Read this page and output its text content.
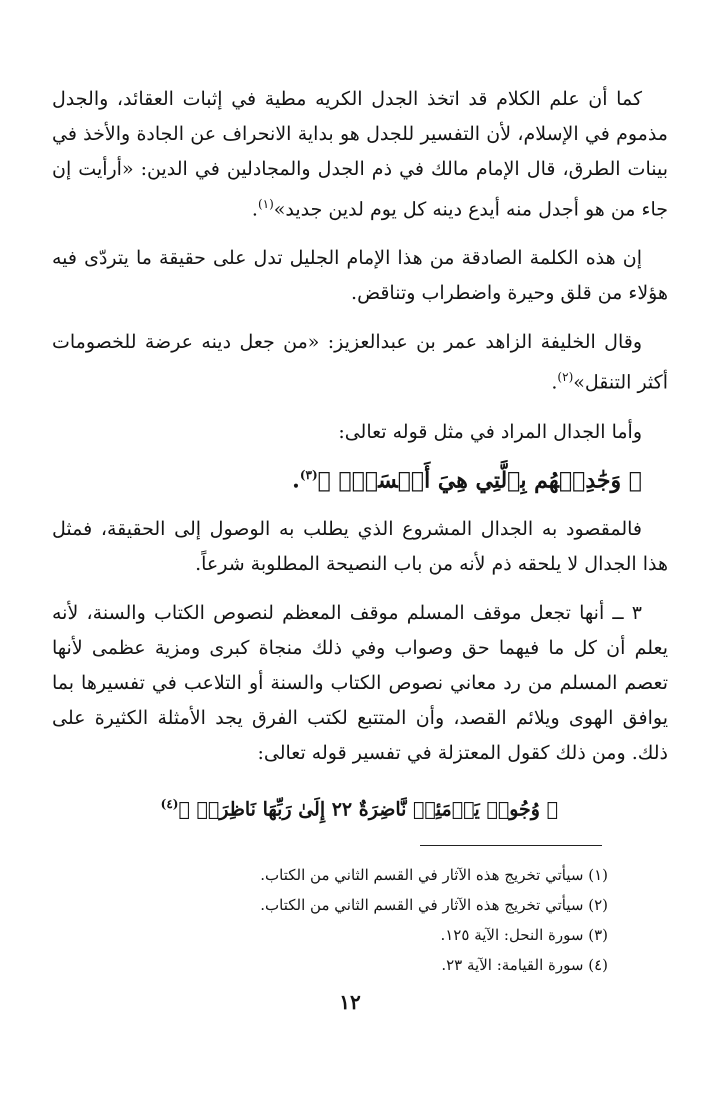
كما أن علم الكلام قد اتخذ الجدل الكريه مطية في إثبات العقائد، والجدل مذموم في الإسلام، لأن التفسير للجدل هو بداية الانحراف عن الجادة والأخذ في بينات الطرق، قال الإمام مالك في ذم الجدل والمجادلين في الدين: «أرأيت إن جاء من هو أجدل منه أيدع دينه كل يوم لدين جديد»$^{(١)}$.

إن هذه الكلمة الصادقة من هذا الإمام الجليل تدل على حقيقة ما يتردّى فيه هؤلاء من قلق وحيرة واضطراب وتناقض.

وقال الخليفة الزاهد عمر بن عبدالعزيز: «من جعل دينه عرضة للخصومات أكثر التنقل»$^{(٢)}$.

وأما الجدال المراد في مثل قوله تعالى:

﴿ وَجَٰدِلۡهُم بِٱلَّتِي هِيَ أَحۡسَنُۚ ﴾$^{(٣)}$.

فالمقصود به الجدال المشروع الذي يطلب به الوصول إلى الحقيقة، فمثل هذا الجدال لا يلحقه ذم لأنه من باب النصيحة المطلوبة شرعاً.

٣ ــ أنها تجعل موقف المسلم موقف المعظم لنصوص الكتاب والسنة، لأنه يعلم أن كل ما فيهما حق وصواب وفي ذلك منجاة كبرى ومزية عظمى لأنها تعصم المسلم من رد معاني نصوص الكتاب والسنة أو التلاعب في تفسيرها بما يوافق الهوى ويلائم القصد، وأن المتتبع لكتب الفرق يجد الأمثلة الكثيرة على ذلك. ومن ذلك كقول المعتزلة في تفسير قوله تعالى:

﴿ وُجُوهٞ يَوۡمَئِذٖ نَّاضِرَةٌ ٢٢ إِلَىٰ رَبِّهَا نَاظِرَةٞ ﴾$^{(٤)}$

(١) سيأتي تخريج هذه الآثار في القسم الثاني من الكتاب.

(٢) سيأتي تخريج هذه الآثار في القسم الثاني من الكتاب.

(٣) سورة النحل: الآية ١٢٥.

(٤) سورة القيامة: الآية ٢٣.

١٢
